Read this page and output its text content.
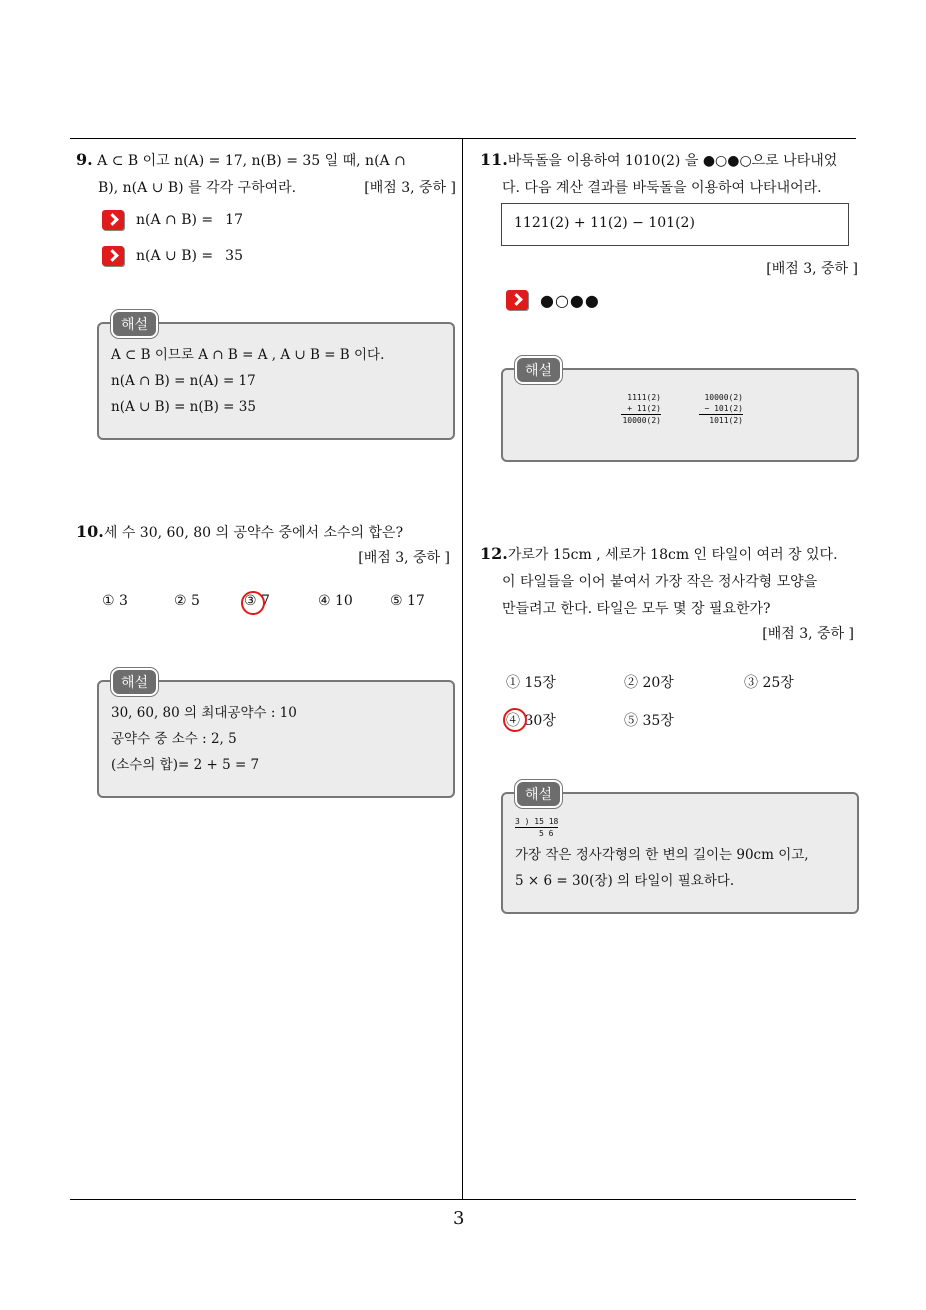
9. A ⊂ B 이고 n(A) = 17, n(B) = 35 일 때, n(A ∩
B), n(A ∪ B) 를 각각 구하여라.	[배점 3, 중하 ]
n(A ∩ B) = 17
n(A ∪ B) = 35
해설
A ⊂ B 이므로 A ∩ B = A , A ∪ B = B 이다.
n(A ∩ B) = n(A) = 17
n(A ∪ B) = n(B) = 35
10.세 수 30, 60, 80 의 공약수 중에서 소수의 합은?
[배점 3, 중하 ]
① 3	② 5	③ 7	④ 10	⑤ 17
해설
30, 60, 80 의 최대공약수 : 10
공약수 중 소수 : 2, 5
(소수의 합)= 2 + 5 = 7
11.바둑돌을 이용하여 1010(2) 을 ●○●○으로 나타내었
다. 다음 계산 결과를 바둑돌을 이용하여 나타내어라.
1121(2) + 11(2) − 101(2)
[배점 3, 중하 ]
●○●●
해설
1111(2)
+ 11(2)
10000(2)
10000(2)
− 101(2)
1011(2)
12.가로가 15cm , 세로가 18cm 인 타일이 여러 장 있다.
이 타일들을 이어 붙여서 가장 작은 정사각형 모양을
만들려고 한다. 타일은 모두 몇 장 필요한가?
[배점 3, 중하 ]
① 15장	② 20장	③ 25장
④ 30장	⑤ 35장
해설
3 ) 15 18
5 6
가장 작은 정사각형의 한 변의 길이는 90cm 이고,
5 × 6 = 30(장) 의 타일이 필요하다.
3
